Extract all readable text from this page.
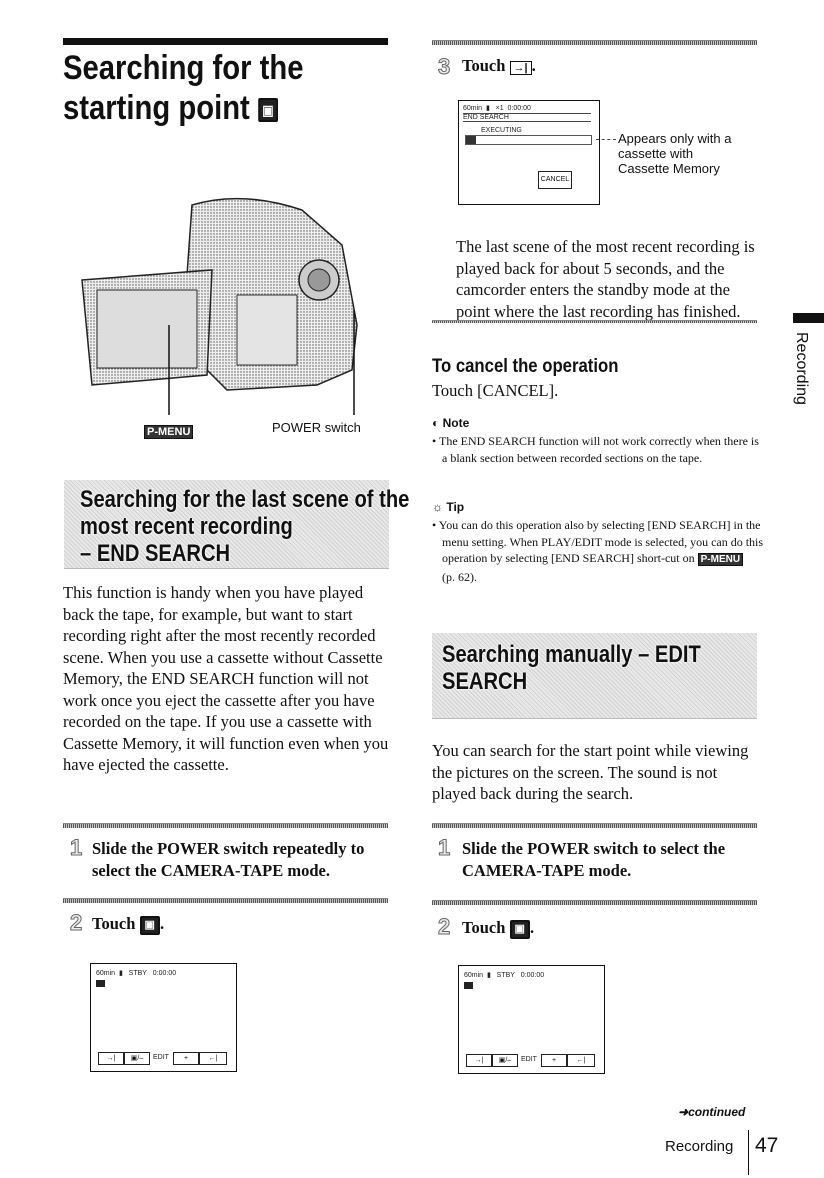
Searching for the
starting point ▣
P-MENU	POWER switch
Searching for the last scene of the
most recent recording
– END SEARCH
This function is handy when you have played back the tape, for example, but want to start recording right after the most recently recorded scene. When you use a cassette without Cassette Memory, the END SEARCH function will not work once you eject the cassette after you have recorded on the tape. If you use a cassette with Cassette Memory, it will function even when you have ejected the cassette.
1 Slide the POWER switch repeatedly to select the CAMERA-TAPE mode.
2 Touch ▣ .
60min  ▮   STBY 0:00:00
→|	▣/–	EDIT	+	←|
3 Touch →| .
60min  ▮   ×1 0:00:00
END SEARCH
EXECUTING
CANCEL
Appears only with a cassette with Cassette Memory
The last scene of the most recent recording is played back for about 5 seconds, and the camcorder enters the standby mode at the point where the last recording has finished.
To cancel the operation
Touch [CANCEL].
◐ Note
• The END SEARCH function will not work correctly when there is a blank section between recorded sections on the tape.
☼ Tip
• You can do this operation also by selecting [END SEARCH] in the menu setting. When PLAY/EDIT mode is selected, you can do this operation by selecting [END SEARCH] short-cut on P-MENU
(p. 62).
Searching manually – EDIT
SEARCH
You can search for the start point while viewing the pictures on the screen. The sound is not played back during the search.
1 Slide the POWER switch to select the CAMERA-TAPE mode.
2 Touch ▣ .
60min  ▮   STBY 0:00:00
→|	▣/–	EDIT	+	←|
Recording
➜continued
Recording 47
